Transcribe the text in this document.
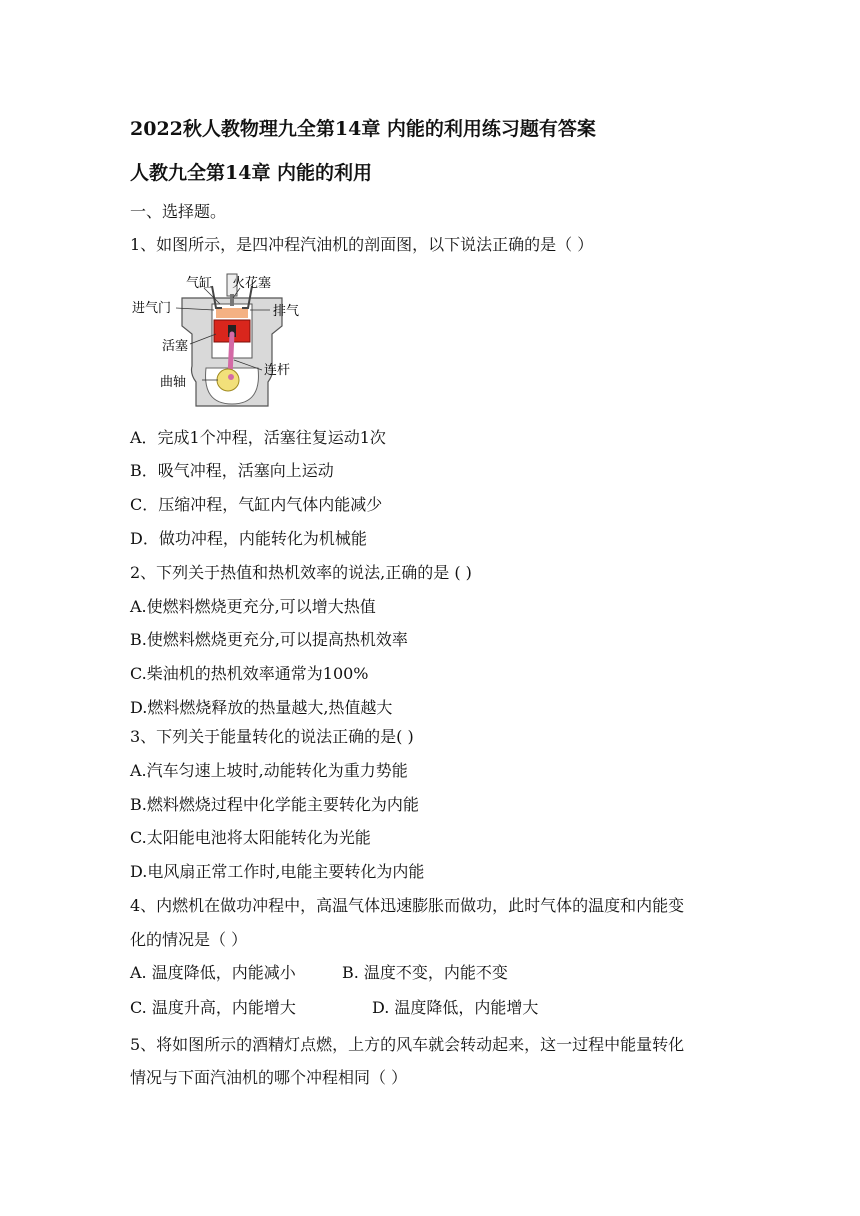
2022秋人教物理九全第14章 内能的利用练习题有答案
人教九全第14章 内能的利用
一、选择题。
1、如图所示，是四冲程汽油机的剖面图，以下说法正确的是（ ）
气缸 火花塞
进气门	排气
活塞
连杆
曲轴
A．完成1个冲程，活塞往复运动1次
B．吸气冲程，活塞向上运动
C．压缩冲程，气缸内气体内能减少
D．做功冲程，内能转化为机械能
2、下列关于热值和热机效率的说法,正确的是 ( )
A.使燃料燃烧更充分,可以增大热值
B.使燃料燃烧更充分,可以提高热机效率
C.柴油机的热机效率通常为100%
D.燃料燃烧释放的热量越大,热值越大
3、下列关于能量转化的说法正确的是( )
A.汽车匀速上坡时,动能转化为重力势能
B.燃料燃烧过程中化学能主要转化为内能
C.太阳能电池将太阳能转化为光能
D.电风扇正常工作时,电能主要转化为内能
4、内燃机在做功冲程中，高温气体迅速膨胀而做功，此时气体的温度和内能变
化的情况是（ ）
A. 温度降低，内能减小	B. 温度不变，内能不变
C. 温度升高，内能增大	D. 温度降低，内能增大
5、将如图所示的酒精灯点燃，上方的风车就会转动起来，这一过程中能量转化
情况与下面汽油机的哪个冲程相同（ ）
